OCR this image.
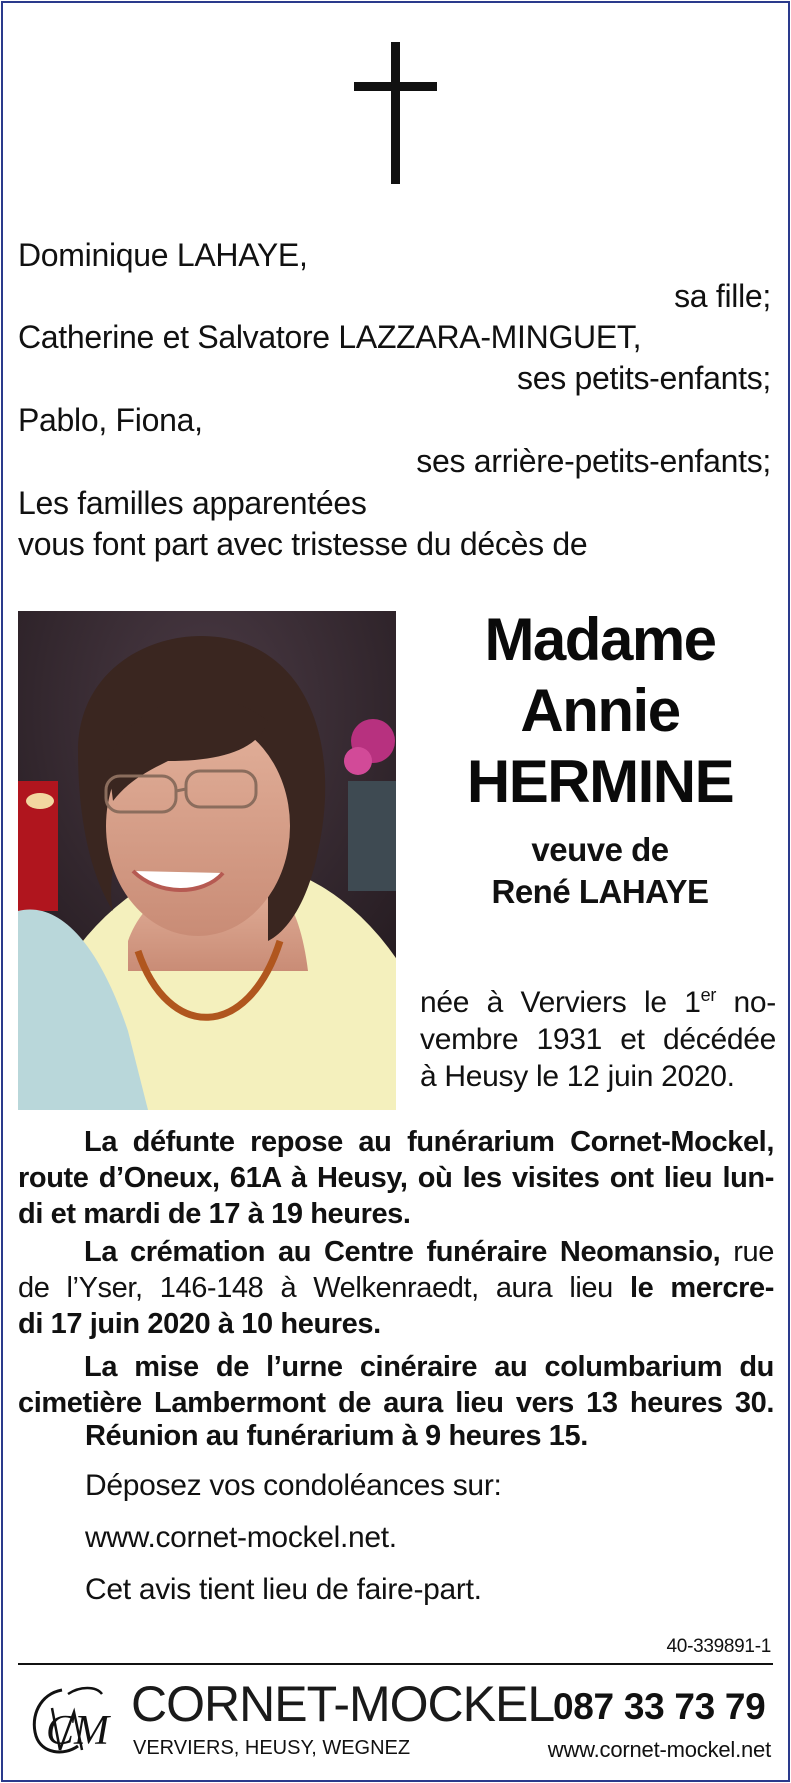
Dominique LAHAYE,
sa fille;
Catherine et Salvatore LAZZARA-MINGUET,
ses petits-enfants;
Pablo, Fiona,
ses arrière-petits-enfants;
Les familles apparentées
vous font part avec tristesse du décès de
Madame
Annie
HERMINE
veuve de
René LAHAYE
née à Verviers le 1er no-
vembre 1931 et décédée
à Heusy le 12 juin 2020.
La défunte repose au funérarium Cornet-Mockel,
route d’Oneux, 61A à Heusy, où les visites ont lieu lun-
di et mardi de 17 à 19 heures.
La crémation au Centre funéraire Neomansio, rue
de l’Yser, 146-148 à Welkenraedt, aura lieu le mercre-
di 17 juin 2020 à 10 heures.
La mise de l’urne cinéraire au columbarium du
cimetière Lambermont de aura lieu vers 13 heures 30.
Réunion au funérarium à 9 heures 15.
Déposez vos condoléances sur:
www.cornet-mockel.net.
Cet avis tient lieu de faire-part.
40-339891-1
CM CORNET-MOCKEL
087 33 73 79
VERVIERS, HEUSY, WEGNEZ	www.cornet-mockel.net
